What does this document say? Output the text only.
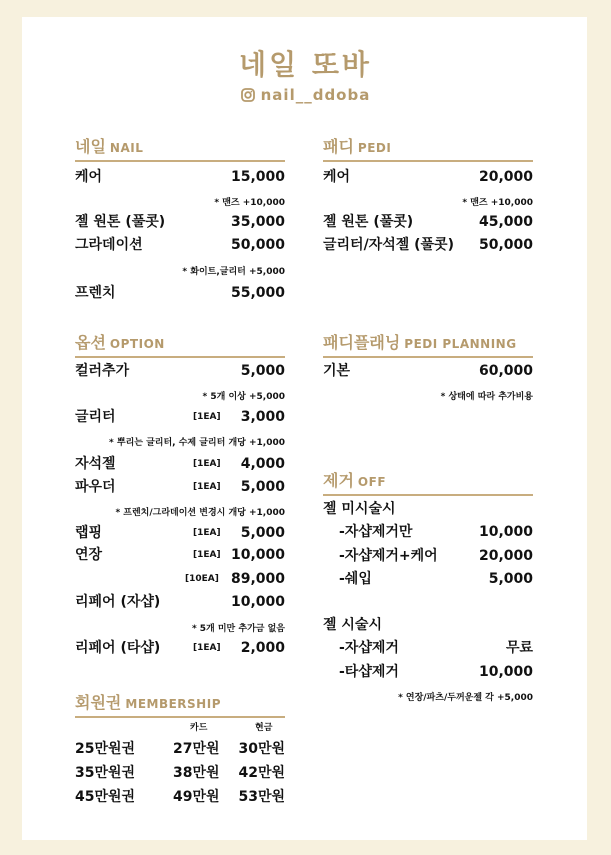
네일 또바
nail__ddoba
네일 NAIL
케어	15,000
* 맨즈 +10,000
젤 원톤 (풀콧)	35,000
그라데이션	50,000
* 화이트,글리터 +5,000
프렌치	55,000
패디 PEDI
케어	20,000
* 맨즈 +10,000
젤 원톤 (풀콧)	45,000
글리터/자석젤 (풀콧) 50,000
옵션 OPTION
컬러추가	5,000
* 5개 이상 +5,000
글리터	[1EA] 3,000
* 뿌리는 글리터, 수제 글리터 개당 +1,000
자석젤	[1EA] 4,000
파우더	[1EA] 5,000
* 프렌치/그라데이션 변경시 개당 +1,000
랩핑	[1EA] 5,000
연장	[1EA] 10,000
[10EA] 89,000
리페어 (자샵)	10,000
* 5개 미만 추가금 없음
리페어 (타샵)	[1EA] 2,000
패디플래닝 PEDI PLANNING
기본	60,000
* 상태에 따라 추가비용
제거 OFF
젤 미시술시
-자샵제거만	10,000
-자샵제거+케어	20,000
-쉐입	5,000
젤 시술시
-자샵제거	무료
-타샵제거	10,000
* 연장/파츠/두꺼운젤 각 +5,000
회원권 MEMBERSHIP
카드	현금
25만원권	27만원 30만원
35만원권	38만원 42만원
45만원권	49만원 53만원
